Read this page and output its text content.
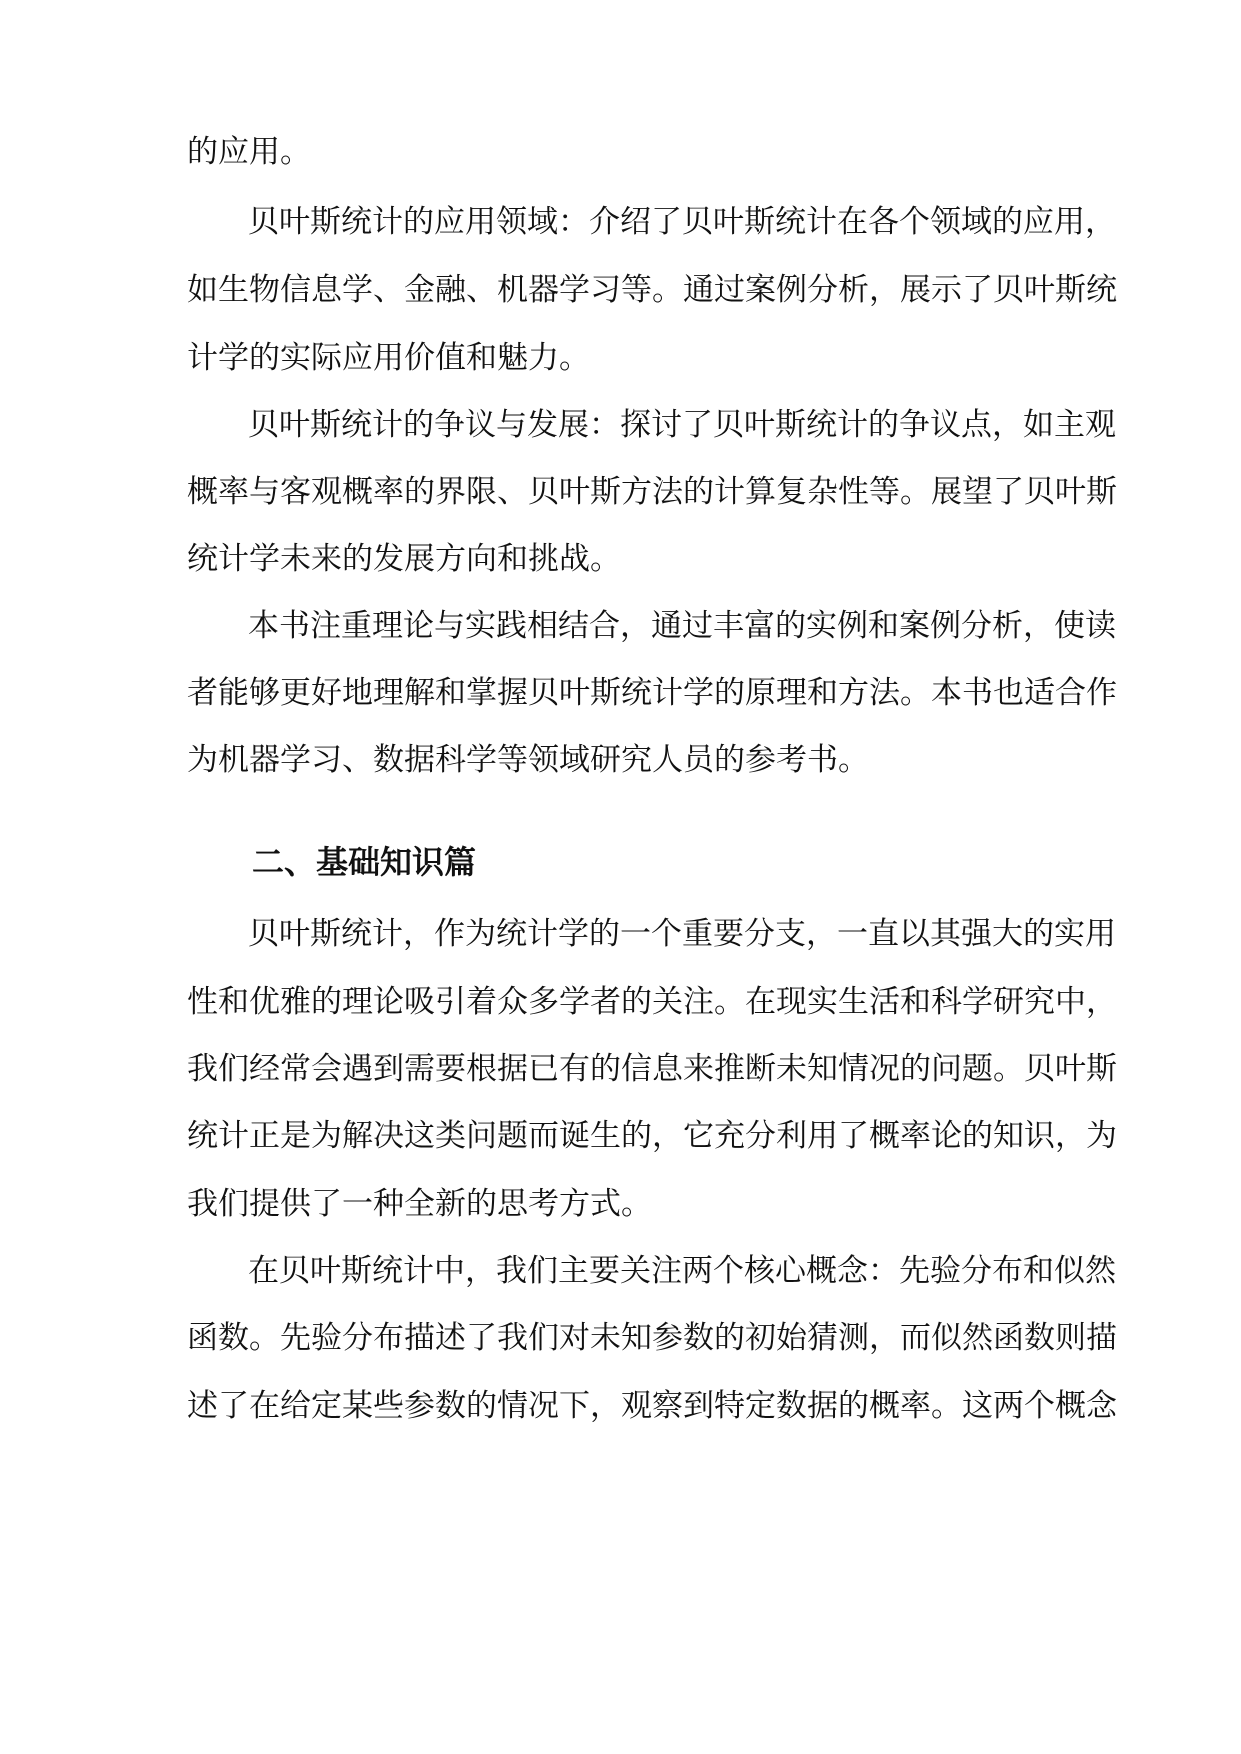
的应用。
贝叶斯统计的应用领域：介绍了贝叶斯统计在各个领域的应用，
如生物信息学、金融、机器学习等。通过案例分析，展示了贝叶斯统
计学的实际应用价值和魅力。
贝叶斯统计的争议与发展：探讨了贝叶斯统计的争议点，如主观
概率与客观概率的界限、贝叶斯方法的计算复杂性等。展望了贝叶斯
统计学未来的发展方向和挑战。
本书注重理论与实践相结合，通过丰富的实例和案例分析，使读
者能够更好地理解和掌握贝叶斯统计学的原理和方法。本书也适合作
为机器学习、数据科学等领域研究人员的参考书。
二、基础知识篇
贝叶斯统计，作为统计学的一个重要分支，一直以其强大的实用
性和优雅的理论吸引着众多学者的关注。在现实生活和科学研究中，
我们经常会遇到需要根据已有的信息来推断未知情况的问题。贝叶斯
统计正是为解决这类问题而诞生的，它充分利用了概率论的知识，为
我们提供了一种全新的思考方式。
在贝叶斯统计中，我们主要关注两个核心概念：先验分布和似然
函数。先验分布描述了我们对未知参数的初始猜测，而似然函数则描
述了在给定某些参数的情况下，观察到特定数据的概率。这两个概念
